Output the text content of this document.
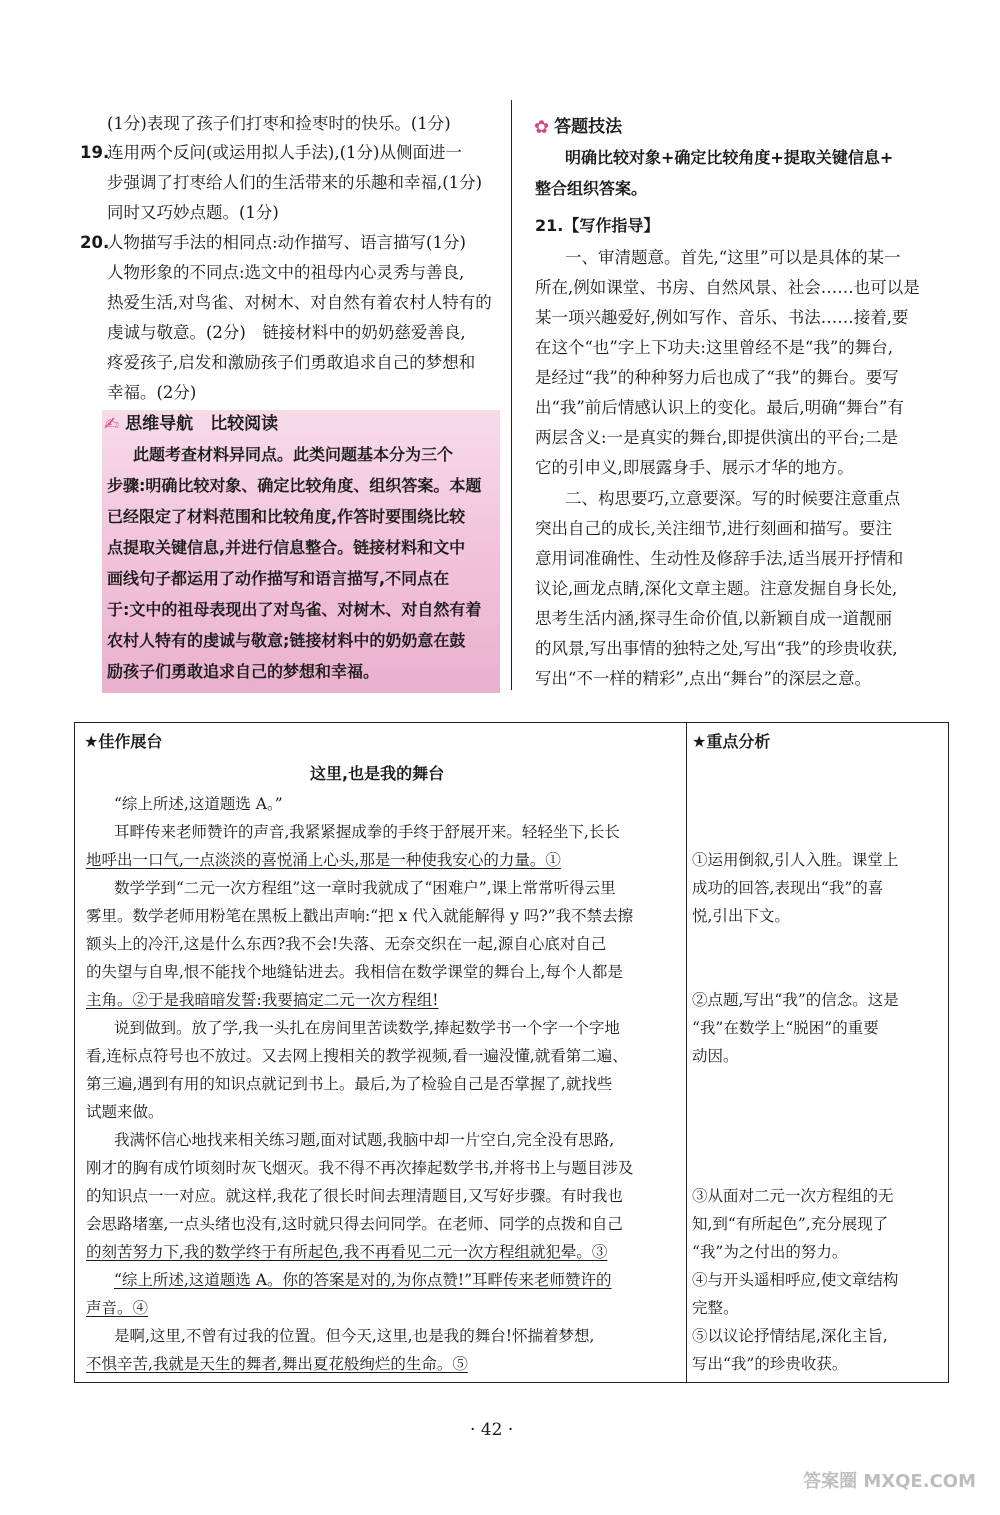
(1分)表现了孩子们打枣和捡枣时的快乐。(1分)
19.
连用两个反问(或运用拟人手法),(1分)从侧面进一
步强调了打枣给人们的生活带来的乐趣和幸福,(1分)
同时又巧妙点题。(1分)
20.
人物描写手法的相同点:动作描写、语言描写(1分)
人物形象的不同点:选文中的祖母内心灵秀与善良,
热爱生活,对鸟雀、对树木、对自然有着农村人特有的
虔诚与敬意。(2分)　链接材料中的奶奶慈爱善良,
疼爱孩子,启发和激励孩子们勇敢追求自己的梦想和
幸福。(2分)
✍ 思维导航　比较阅读
此题考查材料异同点。此类问题基本分为三个
步骤:明确比较对象、确定比较角度、组织答案。本题
已经限定了材料范围和比较角度,作答时要围绕比较
点提取关键信息,并进行信息整合。链接材料和文中
画线句子都运用了动作描写和语言描写,不同点在
于:文中的祖母表现出了对鸟雀、对树木、对自然有着
农村人特有的虔诚与敬意;链接材料中的奶奶意在鼓
励孩子们勇敢追求自己的梦想和幸福。
✿ 答题技法
明确比较对象+确定比较角度+提取关键信息+
整合组织答案。
21.【写作指导】
一、审清题意。首先,“这里”可以是具体的某一
所在,例如课堂、书房、自然风景、社会……也可以是
某一项兴趣爱好,例如写作、音乐、书法……接着,要
在这个“也”字上下功夫:这里曾经不是“我”的舞台,
是经过“我”的种种努力后也成了“我”的舞台。要写
出“我”前后情感认识上的变化。最后,明确“舞台”有
两层含义:一是真实的舞台,即提供演出的平台;二是
它的引申义,即展露身手、展示才华的地方。
二、构思要巧,立意要深。写的时候要注意重点
突出自己的成长,关注细节,进行刻画和描写。要注
意用词准确性、生动性及修辞手法,适当展开抒情和
议论,画龙点睛,深化文章主题。注意发掘自身长处,
思考生活内涵,探寻生命价值,以新颖自成一道靓丽
的风景,写出事情的独特之处,写出“我”的珍贵收获,
写出“不一样的精彩”,点出“舞台”的深层之意。
★佳作展台	★重点分析
这里,也是我的舞台
“综上所述,这道题选 A。”
耳畔传来老师赞许的声音,我紧紧握成拳的手终于舒展开来。轻轻坐下,长长
地呼出一口气,一点淡淡的喜悦涌上心头,那是一种使我安心的力量。①
数学学到“二元一次方程组”这一章时我就成了“困难户”,课上常常听得云里
雾里。数学老师用粉笔在黑板上戳出声响:“把 x 代入就能解得 y 吗?”我不禁去擦
额头上的冷汗,这是什么东西?我不会!失落、无奈交织在一起,源自心底对自己
的失望与自卑,恨不能找个地缝钻进去。我相信在数学课堂的舞台上,每个人都是
主角。②于是我暗暗发誓:我要搞定二元一次方程组!
说到做到。放了学,我一头扎在房间里苦读数学,捧起数学书一个字一个字地
看,连标点符号也不放过。又去网上搜相关的教学视频,看一遍没懂,就看第二遍、
第三遍,遇到有用的知识点就记到书上。最后,为了检验自己是否掌握了,就找些
试题来做。
我满怀信心地找来相关练习题,面对试题,我脑中却一片空白,完全没有思路,
刚才的胸有成竹顷刻时灰飞烟灭。我不得不再次捧起数学书,并将书上与题目涉及
的知识点一一对应。就这样,我花了很长时间去理清题目,又写好步骤。有时我也
会思路堵塞,一点头绪也没有,这时就只得去问同学。在老师、同学的点拨和自己
的刻苦努力下,我的数学终于有所起色,我不再看见二元一次方程组就犯晕。③
“综上所述,这道题选 A。你的答案是对的,为你点赞!”耳畔传来老师赞许的
声音。④
是啊,这里,不曾有过我的位置。但今天,这里,也是我的舞台!怀揣着梦想,
不惧辛苦,我就是天生的舞者,舞出夏花般绚烂的生命。⑤
①运用倒叙,引人入胜。课堂上
成功的回答,表现出“我”的喜
悦,引出下文。
②点题,写出“我”的信念。这是
“我”在数学上“脱困”的重要
动因。
③从面对二元一次方程组的无
知,到“有所起色”,充分展现了
“我”为之付出的努力。
④与开头遥相呼应,使文章结构
完整。
⑤以议论抒情结尾,深化主旨,
写出“我”的珍贵收获。
· 42 ·
答案圈 MXQE.COM
